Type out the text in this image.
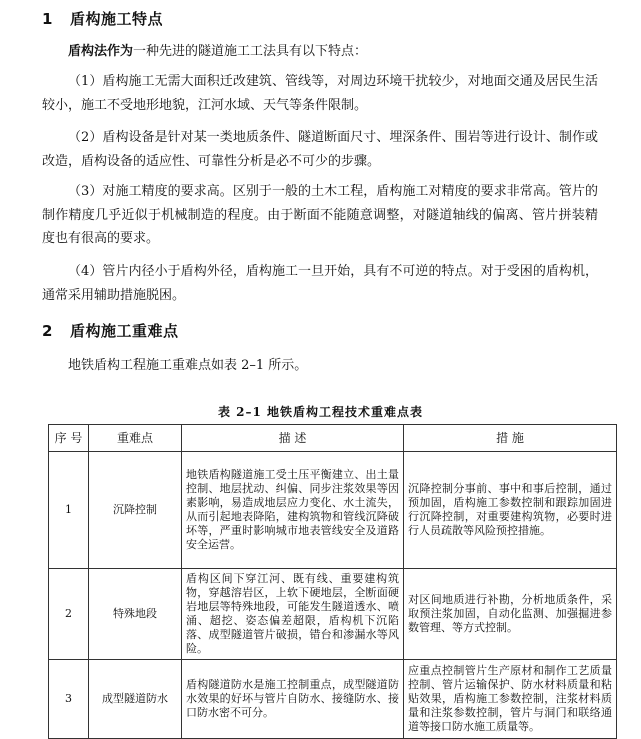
1 盾构施工特点
盾构法作为一种先进的隧道施工工法具有以下特点：
（1）盾构施工无需大面积迁改建筑、管线等，对周边环境干扰较少，对地面交通及居民生活较小，施工不受地形地貌，江河水域、天气等条件限制。
（2）盾构设备是针对某一类地质条件、隧道断面尺寸、埋深条件、围岩等进行设计、制作或改造，盾构设备的适应性、可靠性分析是必不可少的步骤。
（3）对施工精度的要求高。区别于一般的土木工程，盾构施工对精度的要求非常高。管片的制作精度几乎近似于机械制造的程度。由于断面不能随意调整，对隧道轴线的偏离、管片拼装精度也有很高的要求。
（4）管片内径小于盾构外径，盾构施工一旦开始，具有不可逆的特点。对于受困的盾构机，通常采用辅助措施脱困。
2 盾构施工重难点
地铁盾构工程施工重难点如表 2–1 所示。
表 2–1 地铁盾构工程技术重难点表
序 号	重难点	描 述	措 施
1	沉降控制	地铁盾构隧道施工受土压平衡建立、出土量控制、地层扰动、纠偏、同步注浆效果等因素影响，易造成地层应力变化、水土流失，从而引起地表降陷，建构筑物和管线沉降破坏等，严重时影响城市地表管线安全及道路安全运营。	沉降控制分事前、事中和事后控制，通过预加固，盾构施工参数控制和跟踪加固进行沉降控制，对重要建构筑物，必要时进行人员疏散等风险预控措施。
2	特殊地段	盾构区间下穿江河、既有线、重要建构筑物，穿越溶岩区，上软下硬地层，全断面硬岩地层等特殊地段，可能发生隧道透水、喷涌、超挖、姿态偏差超限，盾构机下沉陷落、成型隧道管片破损，错台和渗漏水等风险。	对区间地质进行补勘，分析地质条件，采取预注浆加固，自动化监测、加强掘进参数管理、等方式控制。
3	成型隧道防水	盾构隧道防水是施工控制重点，成型隧道防水效果的好坏与管片自防水、接缝防水、接口防水密不可分。	应重点控制管片生产原材和制作工艺质量控制、管片运输保护、防水材料质量和粘贴效果，盾构施工参数控制，注浆材料质量和注浆参数控制，管片与洞门和联络通道等接口防水施工质量等。
